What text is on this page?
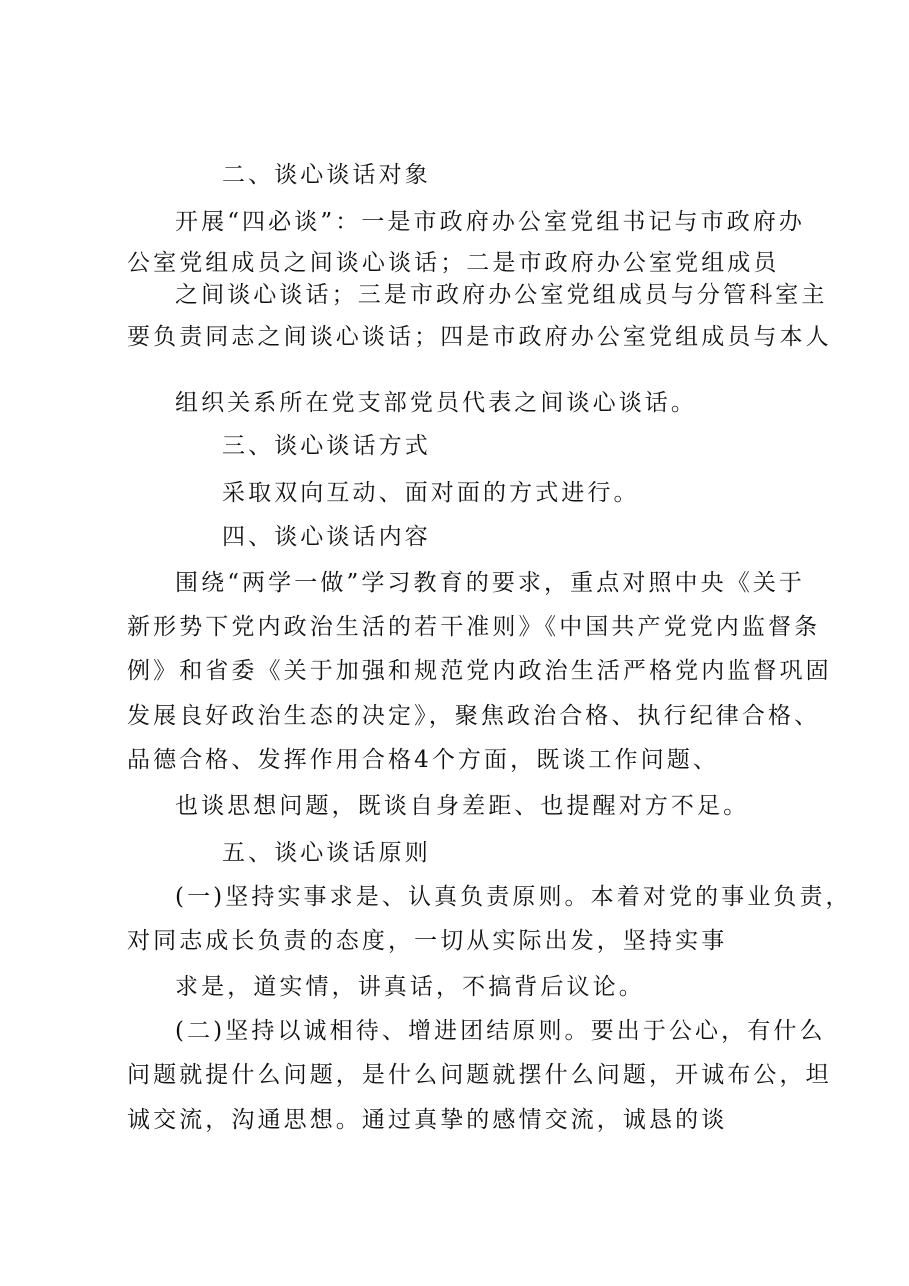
二、谈心谈话对象

开展“四必谈”：一是市政府办公室党组书记与市政府办

公室党组成员之间谈心谈话；二是市政府办公室党组成员

之间谈心谈话；三是市政府办公室党组成员与分管科室主

要负责同志之间谈心谈话；四是市政府办公室党组成员与本人

组织关系所在党支部党员代表之间谈心谈话。

三、谈心谈话方式

采取双向互动、面对面的方式进行。

四、谈心谈话内容

围绕“两学一做”学习教育的要求，重点对照中央《关于

新形势下党内政治生活的若干准则》《中国共产党党内监督条

例》和省委《关于加强和规范党内政治生活严格党内监督巩固

发展良好政治生态的决定》，聚焦政治合格、执行纪律合格、

品德合格、发挥作用合格4个方面，既谈工作问题、

也谈思想问题，既谈自身差距、也提醒对方不足。

五、谈心谈话原则

(一)坚持实事求是、认真负责原则。本着对党的事业负责，

对同志成长负责的态度，一切从实际出发，坚持实事

求是，道实情，讲真话，不搞背后议论。

(二)坚持以诚相待、增进团结原则。要出于公心，有什么

问题就提什么问题，是什么问题就摆什么问题，开诚布公，坦

诚交流，沟通思想。通过真挚的感情交流，诚恳的谈
